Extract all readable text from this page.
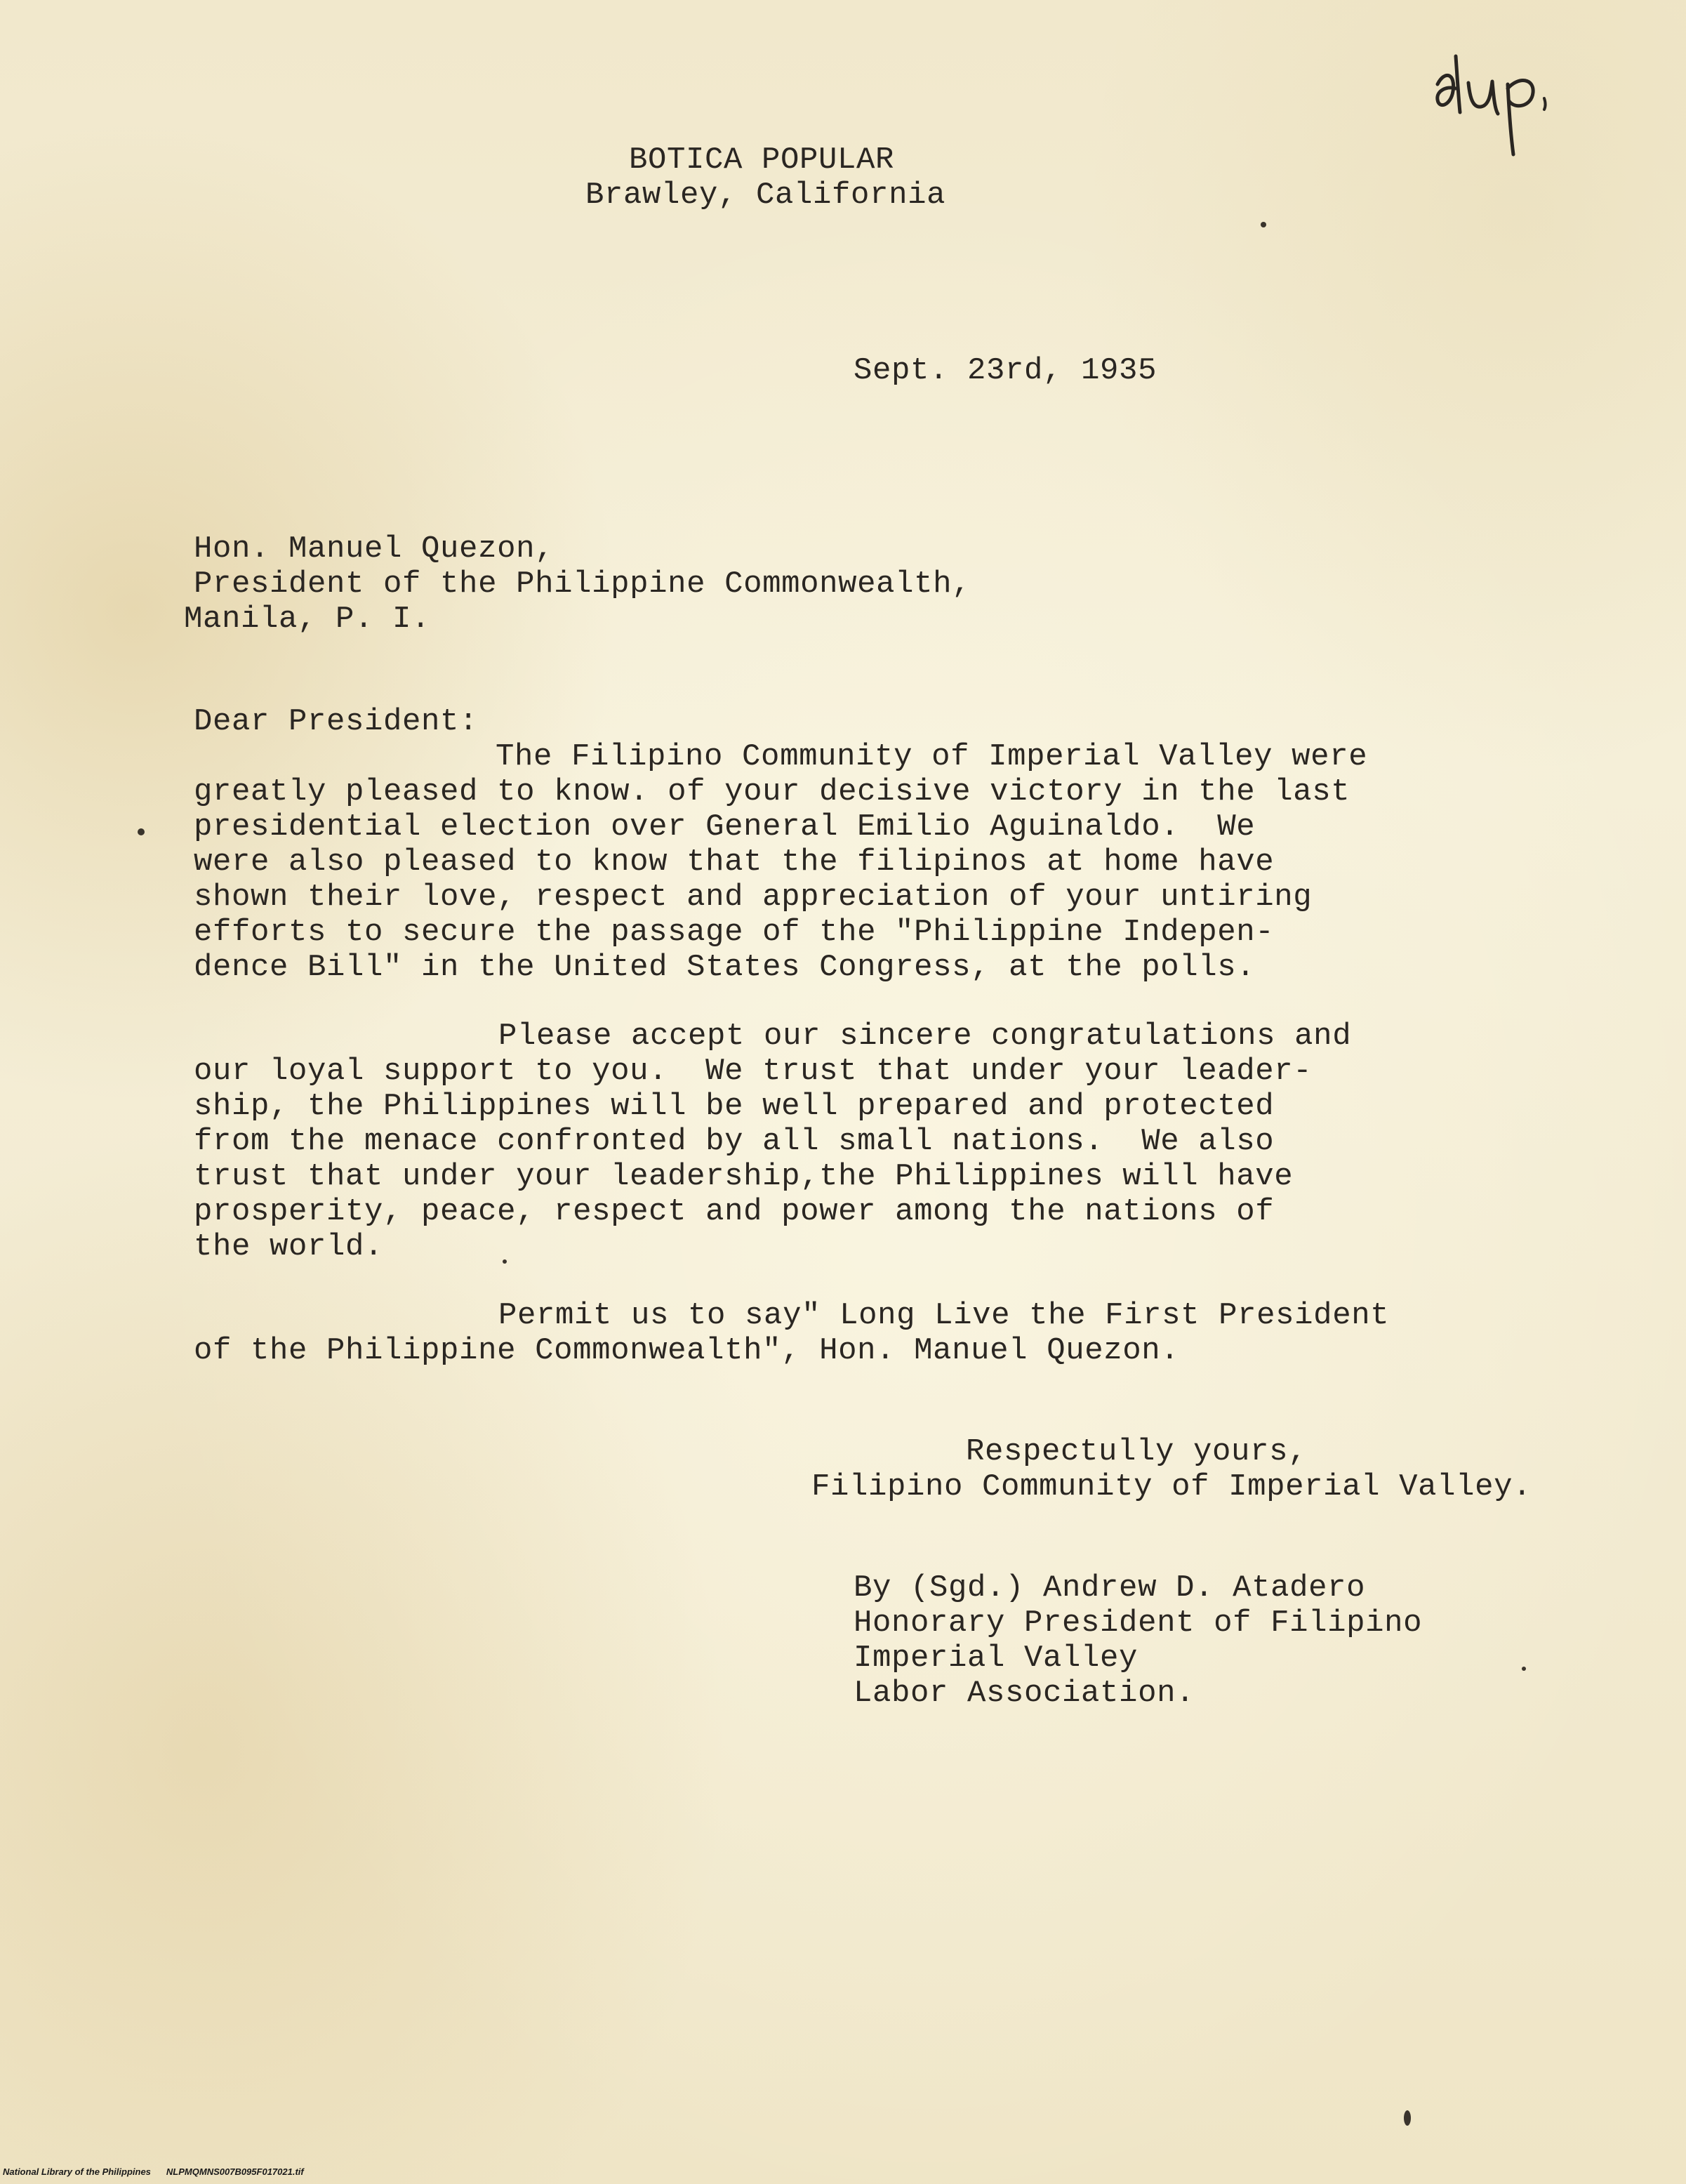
BOTICA POPULAR
Brawley, California
Sept. 23rd, 1935
Hon. Manuel Quezon,
President of the Philippine Commonwealth,
Manila, P. I.
Dear President:
The Filipino Community of Imperial Valley were
greatly pleased to know. of your decisive victory in the last
presidential election over General Emilio Aguinaldo.  We
were also pleased to know that the filipinos at home have
shown their love, respect and appreciation of your untiring
efforts to secure the passage of the "Philippine Indepen-
dence Bill" in the United States Congress, at the polls.
Please accept our sincere congratulations and
our loyal support to you.  We trust that under your leader-
ship, the Philippines will be well prepared and protected
from the menace confronted by all small nations.  We also
trust that under your leadership,the Philippines will have
prosperity, peace, respect and power among the nations of
the world.
Permit us to say" Long Live the First President
of the Philippine Commonwealth", Hon. Manuel Quezon.
Respectully yours,
Filipino Community of Imperial Valley.
By (Sgd.) Andrew D. Atadero
Honorary President of Filipino
Imperial Valley
Labor Association.
National Library of the Philippines NLPMQMNS007B095F017021.tif
